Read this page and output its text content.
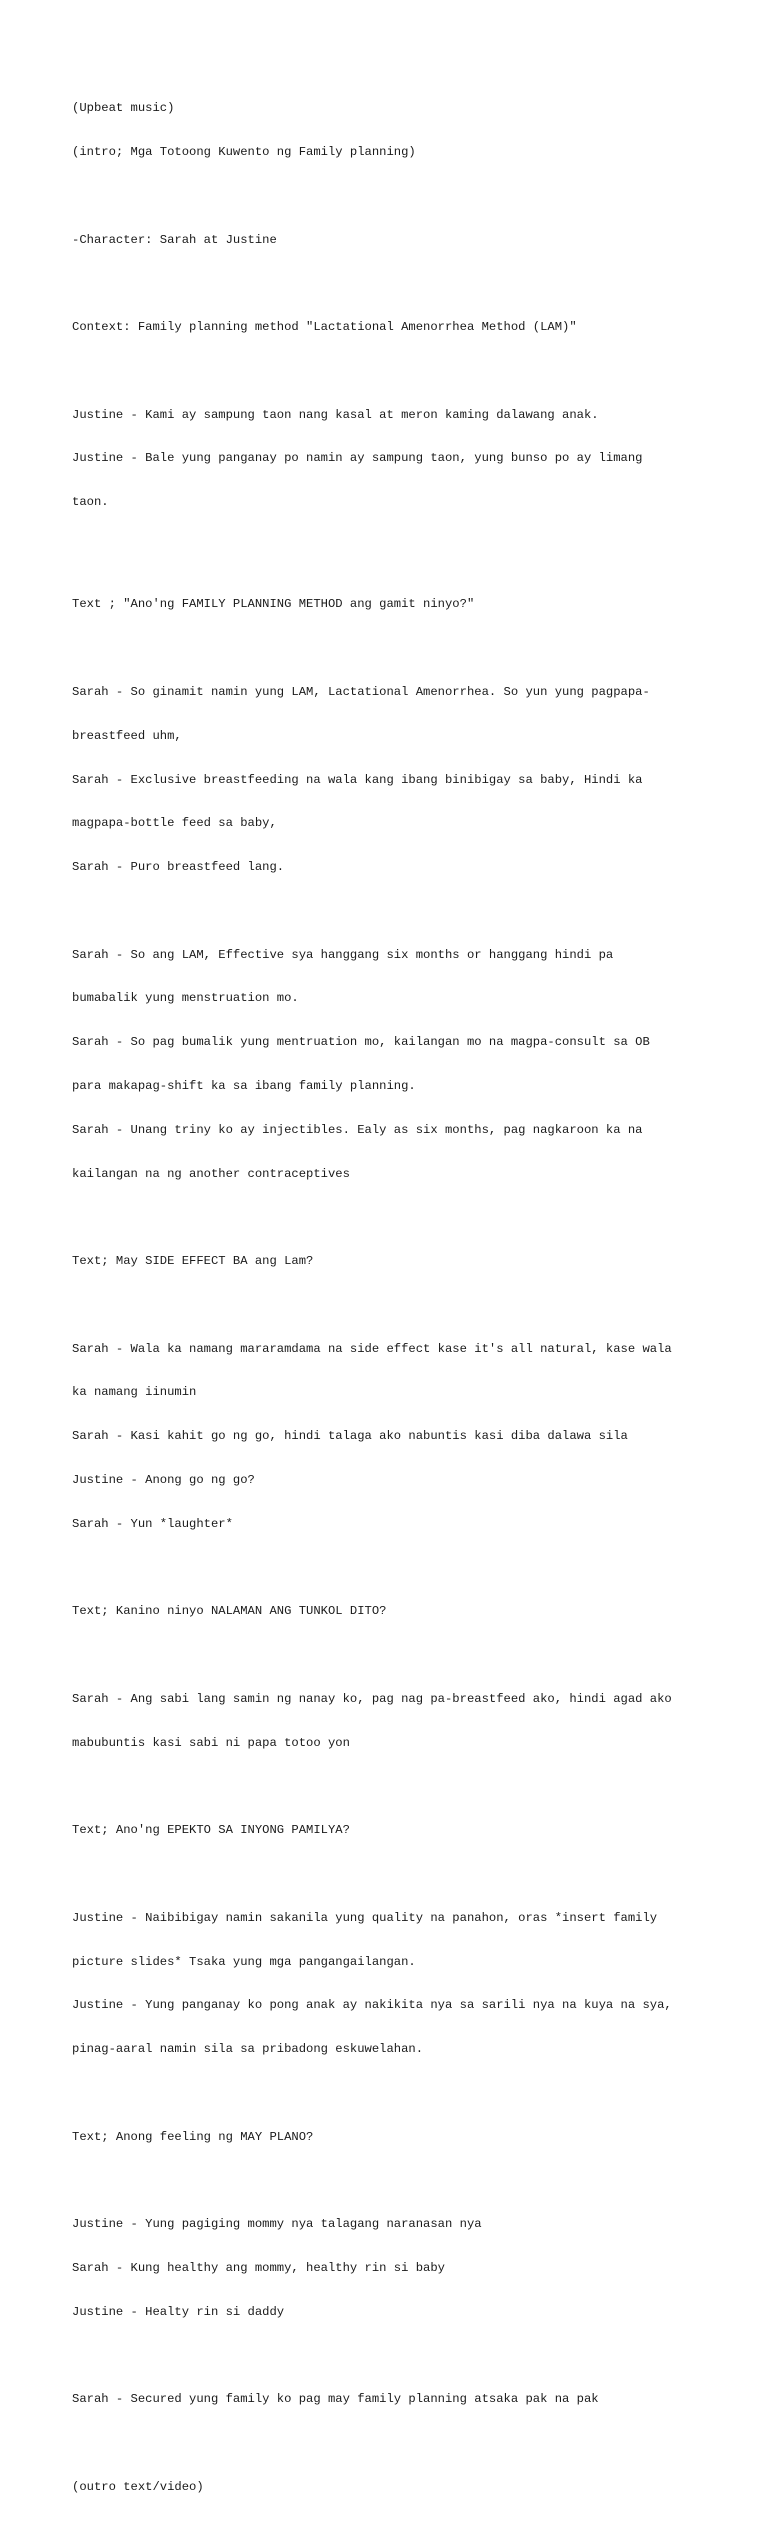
(Upbeat music)

(intro; Mga Totoong Kuwento ng Family planning)

-Character: Sarah at Justine

Context: Family planning method "Lactational Amenorrhea Method (LAM)"

Justine - Kami ay sampung taon nang kasal at meron kaming dalawang anak.

Justine - Bale yung panganay po namin ay sampung taon, yung bunso po ay limang

taon.

Text ; "Ano'ng FAMILY PLANNING METHOD ang gamit ninyo?"

Sarah - So ginamit namin yung LAM, Lactational Amenorrhea. So yun yung pagpapa-

breastfeed uhm,

Sarah - Exclusive breastfeeding na wala kang ibang binibigay sa baby, Hindi ka

magpapa-bottle feed sa baby,

Sarah - Puro breastfeed lang.

Sarah - So ang LAM, Effective sya hanggang six months or hanggang hindi pa

bumabalik yung menstruation mo.

Sarah - So pag bumalik yung mentruation mo, kailangan mo na magpa-consult sa OB

para makapag-shift ka sa ibang family planning.

Sarah - Unang triny ko ay injectibles. Ealy as six months, pag nagkaroon ka na

kailangan na ng another contraceptives

Text; May SIDE EFFECT BA ang Lam?

Sarah - Wala ka namang mararamdama na side effect kase it's all natural, kase wala

ka namang iinumin

Sarah - Kasi kahit go ng go, hindi talaga ako nabuntis kasi diba dalawa sila

Justine - Anong go ng go?

Sarah - Yun *laughter*

Text; Kanino ninyo NALAMAN ANG TUNKOL DITO?

Sarah - Ang sabi lang samin ng nanay ko, pag nag pa-breastfeed ako, hindi agad ako

mabubuntis kasi sabi ni papa totoo yon

Text; Ano'ng EPEKTO SA INYONG PAMILYA?

Justine - Naibibigay namin sakanila yung quality na panahon, oras *insert family

picture slides* Tsaka yung mga pangangailangan.

Justine - Yung panganay ko pong anak ay nakikita nya sa sarili nya na kuya na sya,

pinag-aaral namin sila sa pribadong eskuwelahan.

Text; Anong feeling ng MAY PLANO?

Justine - Yung pagiging mommy nya talagang naranasan nya

Sarah - Kung healthy ang mommy, healthy rin si baby

Justine - Healty rin si daddy

Sarah - Secured yung family ko pag may family planning atsaka pak na pak

(outro text/video)
